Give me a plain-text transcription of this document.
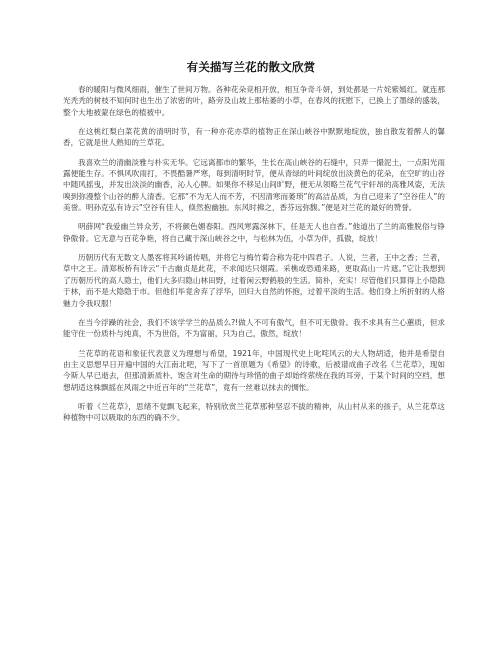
有关描写兰花的散文欣赏

春的暖阳与微风细雨，催生了世间万物。各种花朵竞相开放，相互争奇斗妍，到处都是一片姹紫嫣红。就连那光秃秃的树枝不知何时也生出了浓密的叶，路旁及山坡上那枯萎的小草，在春风的抚慰下，已换上了墨绿的盛装，整个大地被蒙在绿色的植被中。

在这桃红梨白菜花黄的清明时节，有一种亦花亦草的植物正在深山峡谷中默默地绽放，独自散发着醉人的馨香，它就是世人熟知的兰草花。

我喜欢兰的清幽淡雅与朴实无华。它远离都市的繁华，生长在高山峡谷的石缝中，只弄一撮泥土，一点阳光雨露便能生存。不惧风吹雨打，不畏酷暑严寒，每到清明时节，便从青绿的叶间绽放出淡黄色的花朵，在空旷的山谷中随风摇曳，并发出淡淡的幽香，沁人心脾。如果你不移足山间旷野，便无从领略兰花气宇轩昂的高雅风姿，无法嗅到弥漫整个山谷的醉人清香。它那“不为无人而不芳，不因清寒而萎琐”的高洁品质，为自己迎来了“空谷佳人”的美誉。明孙克弘有诗云“空谷有佳人，倏然抱幽独。东风时拂之，香芬远弥馥。”便是对兰花的最好的赞誉。

明薛网“我爱幽兰异众芳，不将颜色媚春阳。西风寒露深林下，任是无人也自香。”他道出了兰的高雅脱俗与铮铮傲骨。它无意与百花争艳，将自己藏于深山峡谷之中，与松林为伍，小草为伴，孤傲，绽放！

历朝历代有无数文人墨客将其吟诵传唱，并将它与梅竹菊合称为花中四君子。人说，兰者，王中之香；兰者，草中之王。清郑板桥有诗云“千古幽贞是此花，不求闻达只烟霞。采樵或恐通来路，更取高山一片遮。”它让我想到了历朝历代的高人隐士，他们大多归隐山林田野，过着闲云野鹤般的生活。简朴，充实！尽管他们只算得上小隐隐于林，而不是大隐隐于市。但他们毕竟舍弃了浮华，回归大自然的怀抱，过着平淡的生活。他们身上所折射的人格魅力令我叹服！

在当今浮躁的社会，我们不该学学兰的品质么?!做人不可有傲气，但不可无傲骨。我不求具有兰心蕙质，但求能守住一份质朴与纯真，不为世俗，不为富丽，只为自己，傲然，绽放！

兰花草的花语和象征代表意义为理想与希望，1921年，中国现代史上叱咤风云的大人物胡适，他并是希望自由主义思想早日开遍中国的大江南北吧，写下了一首原题为《希望》的诗歌，后被谱成曲子改名《兰花草》，现如今斯人早已逝去，但那清新质朴、饱含对生命的期待与珍惜的曲子却始终萦绕在我的耳旁，于某个时间的空档，想想胡适这株飘摇在风雨之中近百年的“兰花草”，竟有一丝难以抹去的惆怅。

听着《兰花草》，思绪不觉飘飞起来，特别欣赏兰花草那种坚忍不拔的精神，从山村从来的孩子，从兰花草这种植物中可以吸取的东西的确不少。
